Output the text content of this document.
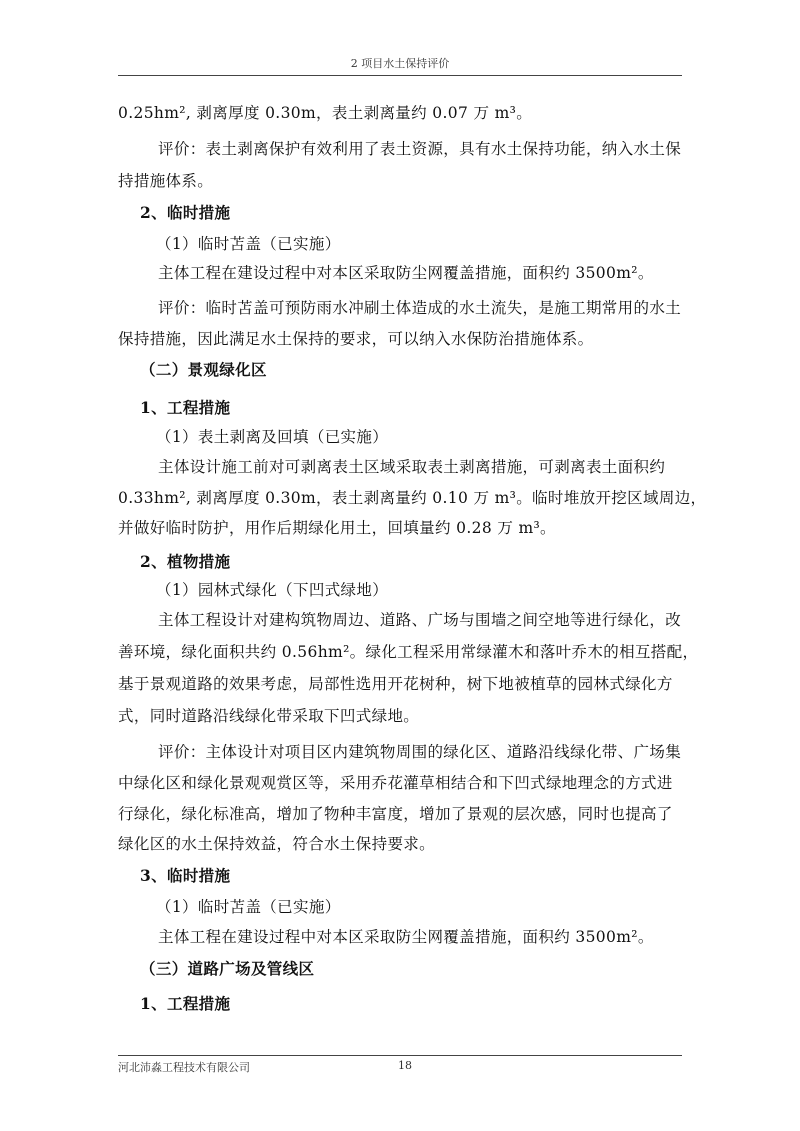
2 项目水土保持评价
0.25hm², 剥离厚度 0.30m，表土剥离量约 0.07 万 m³。
评价：表土剥离保护有效利用了表土资源，具有水土保持功能，纳入水土保
持措施体系。
2、临时措施
（1）临时苫盖（已实施）
主体工程在建设过程中对本区采取防尘网覆盖措施，面积约 3500m²。
评价：临时苫盖可预防雨水冲刷土体造成的水土流失，是施工期常用的水土
保持措施，因此满足水土保持的要求，可以纳入水保防治措施体系。
（二）景观绿化区
1、工程措施
（1）表土剥离及回填（已实施）
主体设计施工前对可剥离表土区域采取表土剥离措施，可剥离表土面积约
0.33hm², 剥离厚度 0.30m，表土剥离量约 0.10 万 m³。临时堆放开挖区域周边，
并做好临时防护，用作后期绿化用土，回填量约 0.28 万 m³。
2、植物措施
（1）园林式绿化（下凹式绿地）
主体工程设计对建构筑物周边、道路、广场与围墙之间空地等进行绿化，改
善环境，绿化面积共约 0.56hm²。绿化工程采用常绿灌木和落叶乔木的相互搭配，
基于景观道路的效果考虑，局部性选用开花树种，树下地被植草的园林式绿化方
式，同时道路沿线绿化带采取下凹式绿地。
评价：主体设计对项目区内建筑物周围的绿化区、道路沿线绿化带、广场集
中绿化区和绿化景观观赏区等，采用乔花灌草相结合和下凹式绿地理念的方式进
行绿化，绿化标准高，增加了物种丰富度，增加了景观的层次感，同时也提高了
绿化区的水土保持效益，符合水土保持要求。
3、临时措施
（1）临时苫盖（已实施）
主体工程在建设过程中对本区采取防尘网覆盖措施，面积约 3500m²。
（三）道路广场及管线区
1、工程措施
河北沛淼工程技术有限公司	18
